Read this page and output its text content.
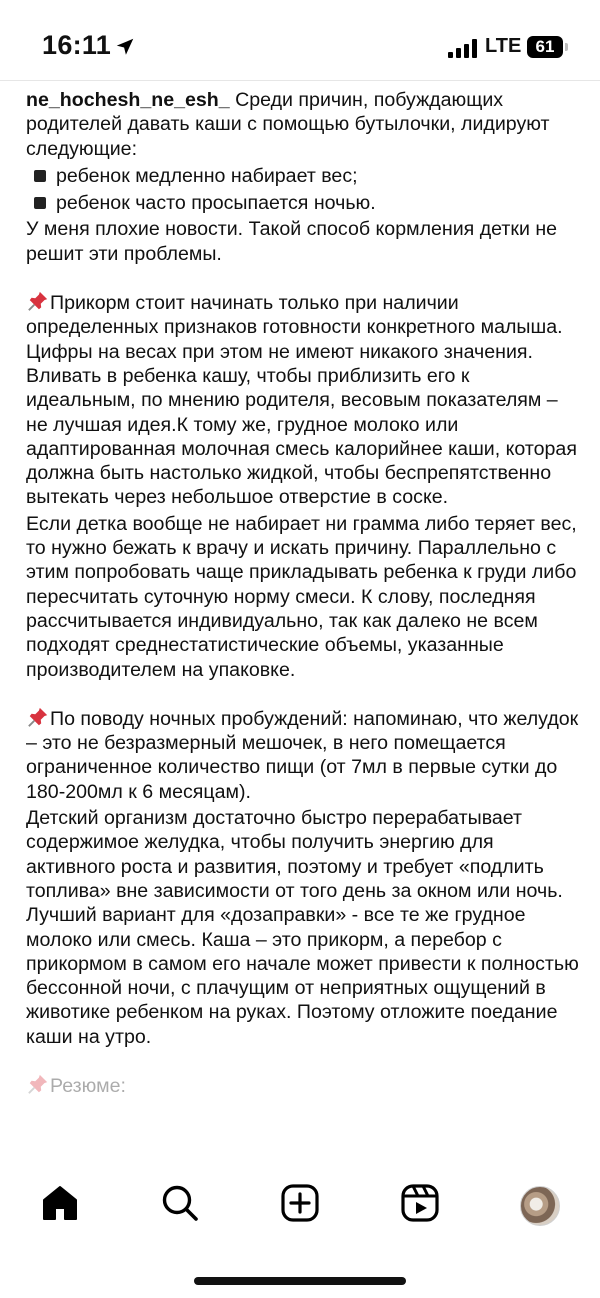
16:11	LTE 61

ne_hochesh_ne_esh_ Среди причин, побуждающих родителей давать каши с помощью бутылочки, лидируют следующие:

ребенок медленно набирает вес;
ребенок часто просыпается ночью.

У меня плохие новости. Такой способ кормления детки не решит эти проблемы.

Прикорм стоит начинать только при наличии определенных признаков готовности конкретного малыша. Цифры на весах при этом не имеют никакого значения. Вливать в ребенка кашу, чтобы приблизить его к идеальным, по мнению родителя, весовым показателям – не лучшая идея.К тому же, грудное молоко или адаптированная молочная смесь калорийнее каши, которая должна быть настолько жидкой, чтобы беспрепятственно вытекать через небольшое отверстие в соске.

Если детка вообще не набирает ни грамма либо теряет вес, то нужно бежать к врачу и искать причину. Параллельно с этим попробовать чаще прикладывать ребенка к груди либо пересчитать суточную норму смеси. К слову, последняя рассчитывается индивидуально, так как далеко не всем подходят среднестатистические объемы, указанные производителем на упаковке.

По поводу ночных пробуждений: напоминаю, что желудок – это не безразмерный мешочек, в него помещается ограниченное количество пищи (от 7мл в первые сутки до 180-200мл к 6 месяцам).

Детский организм достаточно быстро перерабатывает содержимое желудка, чтобы получить энергию для активного роста и развития, поэтому и требует «подлить топлива» вне зависимости от того день за окном или ночь. Лучший вариант для «дозаправки» - все те же грудное молоко или смесь. Каша – это прикорм, а перебор с прикормом в самом его начале может привести к полностью бессонной ночи, с плачущим от неприятных ощущений в животике ребенком на руках. Поэтому отложите поедание каши на утро.

Резюме:
